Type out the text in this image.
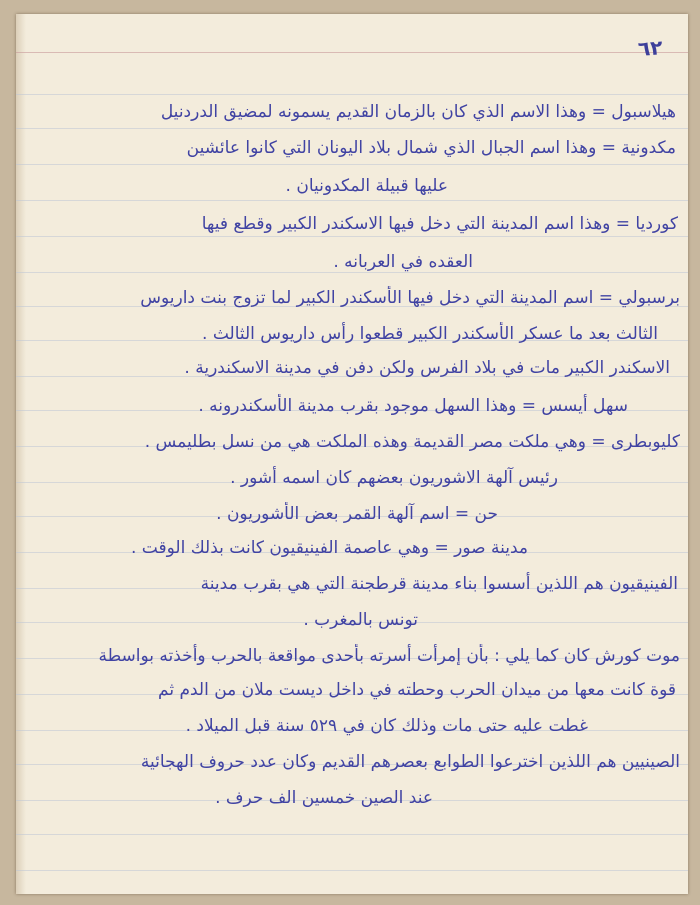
٦٢
هيلاسبول = وهذا الاسم الذي كان بالزمان القديم يسمونه لمضيق الدردنيل
مكدونية = وهذا اسم الجبال الذي شمال بلاد اليونان التي كانوا عائشين
عليها قبيلة المكدونيان .
كورديا = وهذا اسم المدينة التي دخل فيها الاسكندر الكبير وقطع فيها
العقده في العربانه .
برسبولي = اسم المدينة التي دخل فيها الأسكندر الكبير لما تزوج بنت داريوس
الثالث بعد ما عسكر الأسكندر الكبير قطعوا رأس داريوس الثالث .
الاسكندر الكبير مات في بلاد الفرس ولكن دفن في مدينة الاسكندرية .
سهل أيسس = وهذا السهل موجود بقرب مدينة الأسكندرونه .
كليوبطرى = وهي ملكت مصر القديمة وهذه الملكت هي من نسل بطليمس .
رئيس آلهة الاشوريون بعضهم كان اسمه أشور .
حن = اسم آلهة القمر بعض الأشوريون .
مدينة صور = وهي عاصمة الفينيقيون كانت بذلك الوقت .
الفينيقيون هم اللذين أسسوا بناء مدينة قرطجنة التي هي بقرب مدينة
تونس بالمغرب .
موت كورش كان كما يلي : بأن إمرأت أسرته بأحدى مواقعة بالحرب وأخذته بواسطة
قوة كانت معها من ميدان الحرب وحطته في داخل ديست ملان من الدم ثم
غطت عليه حتى مات وذلك كان في ٥٢٩ سنة قبل الميلاد .
الصينيين هم اللذين اخترعوا الطوابع بعصرهم القديم وكان عدد حروف الهجائية
عند الصين خمسين الف حرف .
